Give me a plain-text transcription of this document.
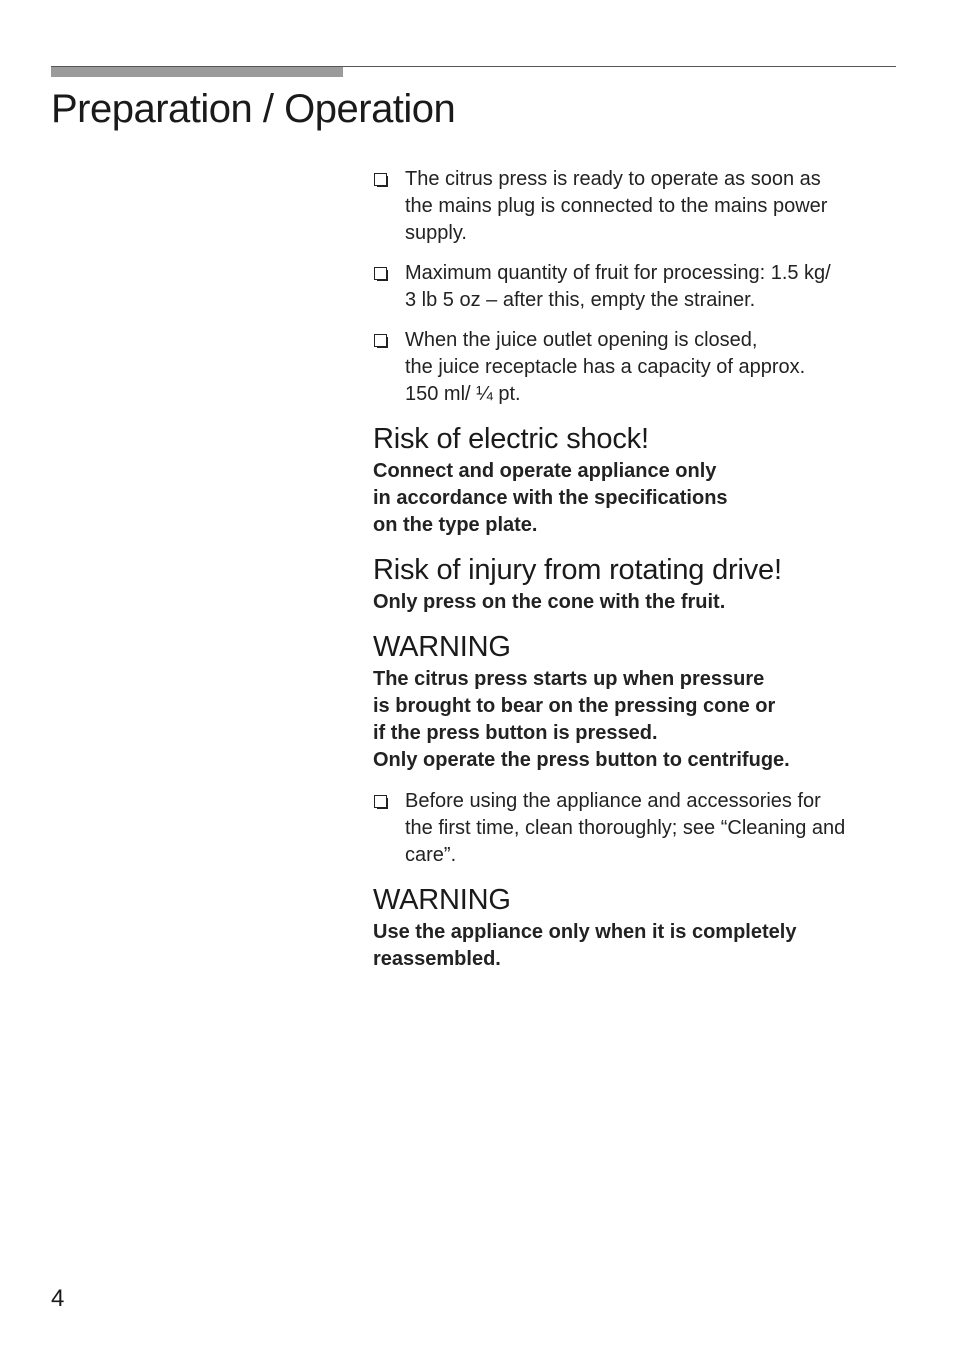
Preparation / Operation
The citrus press is ready to operate as soon as
the mains plug is connected to the mains power
supply.
Maximum quantity of fruit for processing: 1.5 kg/
3 lb 5 oz – after this, empty the strainer.
When the juice outlet opening is closed,
the juice receptacle has a capacity of approx.
150 ml/ ¼ pt.
Risk of electric shock!
Connect and operate appliance only
in accordance with the specifications
on the type plate.
Risk of injury from rotating drive!
Only press on the cone with the fruit.
WARNING
The citrus press starts up when pressure
is brought to bear on the pressing cone or
if the press button is pressed.
Only operate the press button to centrifuge.
Before using the appliance and accessories for
the first time, clean thoroughly; see “Cleaning and
care”.
WARNING
Use the appliance only when it is completely
reassembled.
4
